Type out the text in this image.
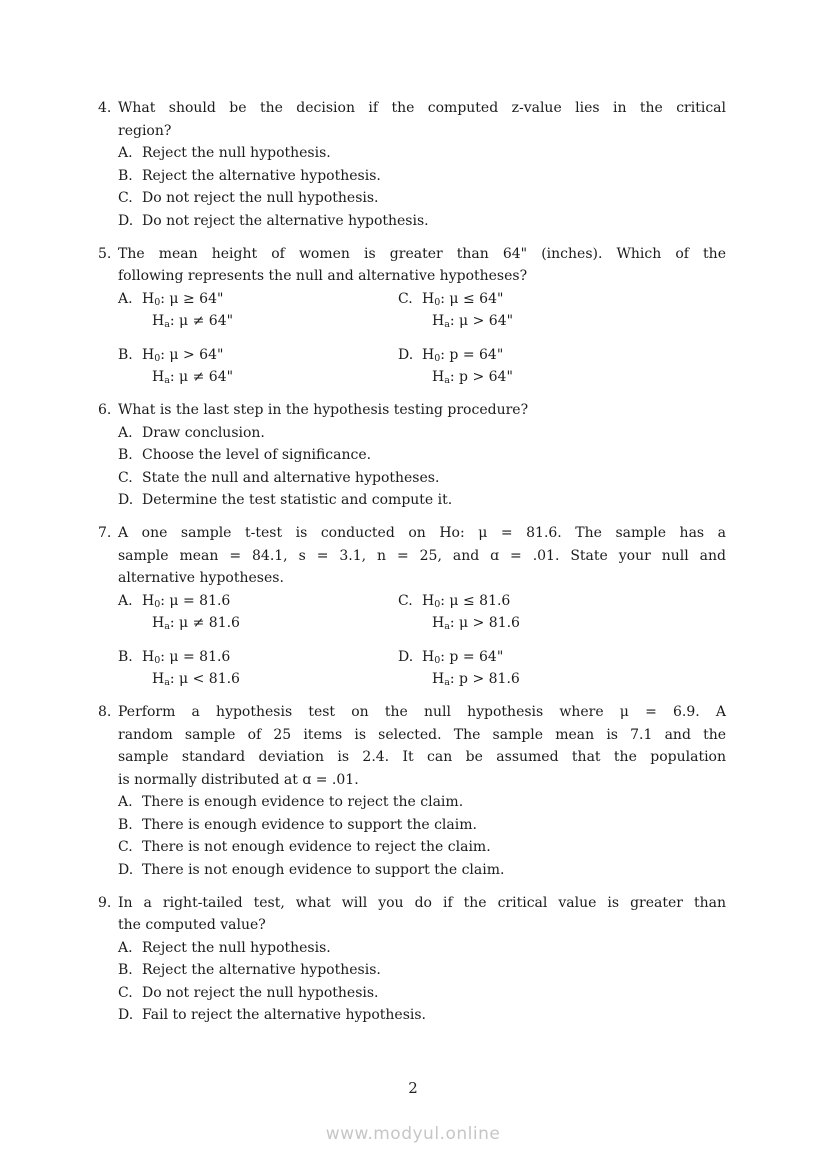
4. What should be the decision if the computed z-value lies in the critical
region?
A. Reject the null hypothesis.
B. Reject the alternative hypothesis.
C. Do not reject the null hypothesis.
D. Do not reject the alternative hypothesis.
5. The mean height of women is greater than 64" (inches). Which of the
following represents the null and alternative hypotheses?
A. $H_0$: μ ≥ 64"
$H_a$: μ ≠ 64"
C. $H_0$: μ ≤ 64"
$H_a$: μ > 64"
B. $H_0$: μ > 64"
$H_a$: μ ≠ 64"
D. $H_0$: p = 64"
$H_a$: p > 64"
6. What is the last step in the hypothesis testing procedure?
A. Draw conclusion.
B. Choose the level of significance.
C. State the null and alternative hypotheses.
D. Determine the test statistic and compute it.
7. A one sample t-test is conducted on Ho: μ = 81.6. The sample has a
sample mean = 84.1, s = 3.1, n = 25, and ɑ = .01. State your null and
alternative hypotheses.
A. $H_0$: μ = 81.6
$H_a$: μ ≠ 81.6
C. $H_0$: μ ≤ 81.6
$H_a$: μ > 81.6
B. $H_0$: μ = 81.6
$H_a$: μ < 81.6
D. $H_0$: p = 64"
$H_a$: p > 81.6
8. Perform a hypothesis test on the null hypothesis where μ = 6.9. A
random sample of 25 items is selected. The sample mean is 7.1 and the
sample standard deviation is 2.4. It can be assumed that the population
is normally distributed at ɑ = .01.
A. There is enough evidence to reject the claim.
B. There is enough evidence to support the claim.
C. There is not enough evidence to reject the claim.
D. There is not enough evidence to support the claim.
9. In a right-tailed test, what will you do if the critical value is greater than
the computed value?
A. Reject the null hypothesis.
B. Reject the alternative hypothesis.
C. Do not reject the null hypothesis.
D. Fail to reject the alternative hypothesis.
2
www.modyul.online
